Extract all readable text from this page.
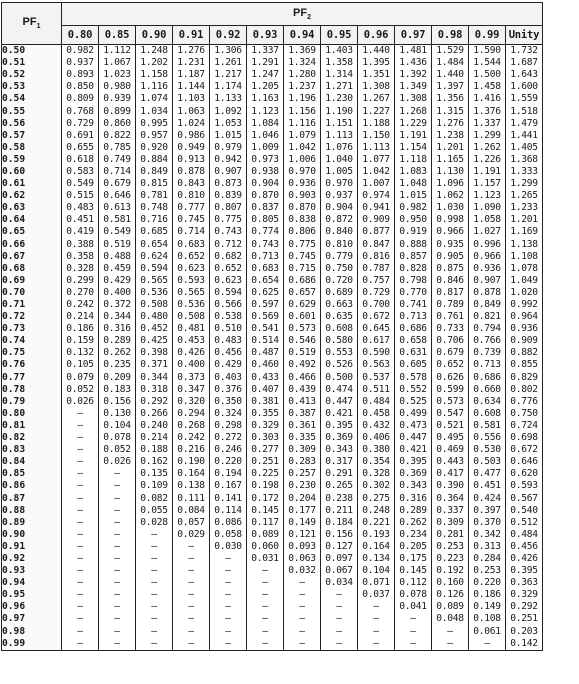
$PF_1$	$PF_2$
	0.80	0.85	0.90	0.91	0.92	0.93	0.94	0.95	0.96	0.97	0.98	0.99	Unity
0.50	0.982	1.112	1.248	1.276	1.306	1.337	1.369	1.403	1.440	1.481	1.529	1.590	1.732
0.51	0.937	1.067	1.202	1.231	1.261	1.291	1.324	1.358	1.395	1.436	1.484	1.544	1.687
0.52	0.893	1.023	1.158	1.187	1.217	1.247	1.280	1.314	1.351	1.392	1.440	1.500	1.643
0.53	0.850	0.980	1.116	1.144	1.174	1.205	1.237	1.271	1.308	1.349	1.397	1.458	1.600
0.54	0.809	0.939	1.074	1.103	1.133	1.163	1.196	1.230	1.267	1.308	1.356	1.416	1.559
0.55	0.768	0.899	1.034	1.063	1.092	1.123	1.156	1.190	1.227	1.268	1.315	1.376	1.518
0.56	0.729	0.860	0.995	1.024	1.053	1.084	1.116	1.151	1.188	1.229	1.276	1.337	1.479
0.57	0.691	0.822	0.957	0.986	1.015	1.046	1.079	1.113	1.150	1.191	1.238	1.299	1.441
0.58	0.655	0.785	0.920	0.949	0.979	1.009	1.042	1.076	1.113	1.154	1.201	1.262	1.405
0.59	0.618	0.749	0.884	0.913	0.942	0.973	1.006	1.040	1.077	1.118	1.165	1.226	1.368
0.60	0.583	0.714	0.849	0.878	0.907	0.938	0.970	1.005	1.042	1.083	1.130	1.191	1.333
0.61	0.549	0.679	0.815	0.843	0.873	0.904	0.936	0.970	1.007	1.048	1.096	1.157	1.299
0.62	0.515	0.646	0.781	0.810	0.839	0.870	0.903	0.937	0.974	1.015	1.062	1.123	1.265
0.63	0.483	0.613	0.748	0.777	0.807	0.837	0.870	0.904	0.941	0.982	1.030	1.090	1.233
0.64	0.451	0.581	0.716	0.745	0.775	0.805	0.838	0.872	0.909	0.950	0.998	1.058	1.201
0.65	0.419	0.549	0.685	0.714	0.743	0.774	0.806	0.840	0.877	0.919	0.966	1.027	1.169
0.66	0.388	0.519	0.654	0.683	0.712	0.743	0.775	0.810	0.847	0.888	0.935	0.996	1.138
0.67	0.358	0.488	0.624	0.652	0.682	0.713	0.745	0.779	0.816	0.857	0.905	0.966	1.108
0.68	0.328	0.459	0.594	0.623	0.652	0.683	0.715	0.750	0.787	0.828	0.875	0.936	1.078
0.69	0.299	0.429	0.565	0.593	0.623	0.654	0.686	0.720	0.757	0.798	0.846	0.907	1.049
0.70	0.270	0.400	0.536	0.565	0.594	0.625	0.657	0.689	0.729	0.770	0.817	0.878	1.020
0.71	0.242	0.372	0.508	0.536	0.566	0.597	0.629	0.663	0.700	0.741	0.789	0.849	0.992
0.72	0.214	0.344	0.480	0.508	0.538	0.569	0.601	0.635	0.672	0.713	0.761	0.821	0.964
0.73	0.186	0.316	0.452	0.481	0.510	0.541	0.573	0.608	0.645	0.686	0.733	0.794	0.936
0.74	0.159	0.289	0.425	0.453	0.483	0.514	0.546	0.580	0.617	0.658	0.706	0.766	0.909
0.75	0.132	0.262	0.398	0.426	0.456	0.487	0.519	0.553	0.590	0.631	0.679	0.739	0.882
0.76	0.105	0.235	0.371	0.400	0.429	0.460	0.492	0.526	0.563	0.605	0.652	0.713	0.855
0.77	0.079	0.209	0.344	0.373	0.403	0.433	0.466	0.500	0.537	0.578	0.626	0.686	0.829
0.78	0.052	0.183	0.318	0.347	0.376	0.407	0.439	0.474	0.511	0.552	0.599	0.660	0.802
0.79	0.026	0.156	0.292	0.320	0.350	0.381	0.413	0.447	0.484	0.525	0.573	0.634	0.776
0.80	–	0.130	0.266	0.294	0.324	0.355	0.387	0.421	0.458	0.499	0.547	0.608	0.750
0.81	–	0.104	0.240	0.268	0.298	0.329	0.361	0.395	0.432	0.473	0.521	0.581	0.724
0.82	–	0.078	0.214	0.242	0.272	0.303	0.335	0.369	0.406	0.447	0.495	0.556	0.698
0.83	–	0.052	0.188	0.216	0.246	0.277	0.309	0.343	0.380	0.421	0.469	0.530	0.672
0.84	–	0.026	0.162	0.190	0.220	0.251	0.283	0.317	0.354	0.395	0.443	0.503	0.646
0.85	–	–	0.135	0.164	0.194	0.225	0.257	0.291	0.328	0.369	0.417	0.477	0.620
0.86	–	–	0.109	0.138	0.167	0.198	0.230	0.265	0.302	0.343	0.390	0.451	0.593
0.87	–	–	0.082	0.111	0.141	0.172	0.204	0.238	0.275	0.316	0.364	0.424	0.567
0.88	–	–	0.055	0.084	0.114	0.145	0.177	0.211	0.248	0.289	0.337	0.397	0.540
0.89	–	–	0.028	0.057	0.086	0.117	0.149	0.184	0.221	0.262	0.309	0.370	0.512
0.90	–	–	–	0.029	0.058	0.089	0.121	0.156	0.193	0.234	0.281	0.342	0.484
0.91	–	–	–	–	0.030	0.060	0.093	0.127	0.164	0.205	0.253	0.313	0.456
0.92	–	–	–	–	–	0.031	0.063	0.097	0.134	0.175	0.223	0.284	0.426
0.93	–	–	–	–	–	–	0.032	0.067	0.104	0.145	0.192	0.253	0.395
0.94	–	–	–	–	–	–	–	0.034	0.071	0.112	0.160	0.220	0.363
0.95	–	–	–	–	–	–	–	–	0.037	0.078	0.126	0.186	0.329
0.96	–	–	–	–	–	–	–	–	–	0.041	0.089	0.149	0.292
0.97	–	–	–	–	–	–	–	–	–	–	0.048	0.108	0.251
0.98	–	–	–	–	–	–	–	–	–	–	–	0.061	0.203
0.99	–	–	–	–	–	–	–	–	–	–	–	–	0.142
